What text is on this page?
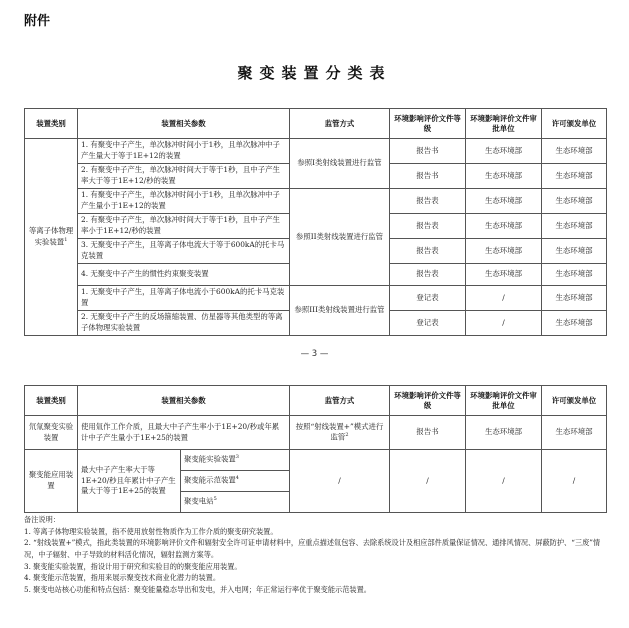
附件
聚变装置分类表
装置类别	装置相关参数	监管方式	环境影响评价文件等级	环境影响评价文件审批单位	许可颁发单位
等离子体物理实验装置$^1$	1. 有聚变中子产生，单次脉冲时间小于1秒，且单次脉冲中子产生量大于等于1E+12的装置	参照I类射线装置进行监管	报告书	生态环境部	生态环境部
	2. 有聚变中子产生，单次脉冲时间大于等于1秒，且中子产生率大于等于1E+12/秒的装置		报告书	生态环境部	生态环境部
	1. 有聚变中子产生，单次脉冲时间小于1秒，且单次脉冲中子产生量小于1E+12的装置	参照II类射线装置进行监管	报告表	生态环境部	生态环境部
	2. 有聚变中子产生，单次脉冲时间大于等于1秒，且中子产生率小于1E+12/秒的装置		报告表	生态环境部	生态环境部
	3. 无聚变中子产生，且等离子体电流大于等于600kA的托卡马克装置		报告表	生态环境部	生态环境部
	4. 无聚变中子产生的惯性约束聚变装置		报告表	生态环境部	生态环境部
	1. 无聚变中子产生，且等离子体电流小于600kA的托卡马克装置	参照III类射线装置进行监管	登记表	/	生态环境部
	2. 无聚变中子产生的反场箍缩装置、仿星器等其他类型的等离子体物理实验装置		登记表	/	生态环境部
— 3 —
装置类别	装置相关参数		监管方式	环境影响评价文件等级	环境影响评价文件审批单位	许可颁发单位
氘氚聚变实验装置	使用氚作工作介质，且最大中子产生率小于1E+20/秒或年累计中子产生量小于1E+25的装置		按照“射线装置+”模式进行监管$^2$	报告书	生态环境部	生态环境部
聚变能应用装置	最大中子产生率大于等1E+20/秒且年累计中子产生量大于等于1E+25的装置	聚变能实验装置$^3$	/	/	/	/
		聚变能示范装置$^4$
		聚变电站$^5$

备注说明：

1. 等离子体物理实验装置，指不使用放射性物质作为工作介质的聚变研究装置。

2. “射线装置+”模式，指此类装置的环境影响评价文件和辐射安全许可证申请材料中，应重点描述氚包容、去除系统设计及相应部件质量保证情况、通排风情况、屏蔽防护、“三废”情况，中子辐射、中子导致的材料活化情况，辐射监测方案等。

3. 聚变能实验装置，指设计用于研究和实验目的的聚变能应用装置。

4. 聚变能示范装置，指用来展示聚变技术商业化潜力的装置。

5. 聚变电站核心功能和特点包括：聚变能量稳态导出和发电，并入电网；年正常运行率优于聚变能示范装置。
